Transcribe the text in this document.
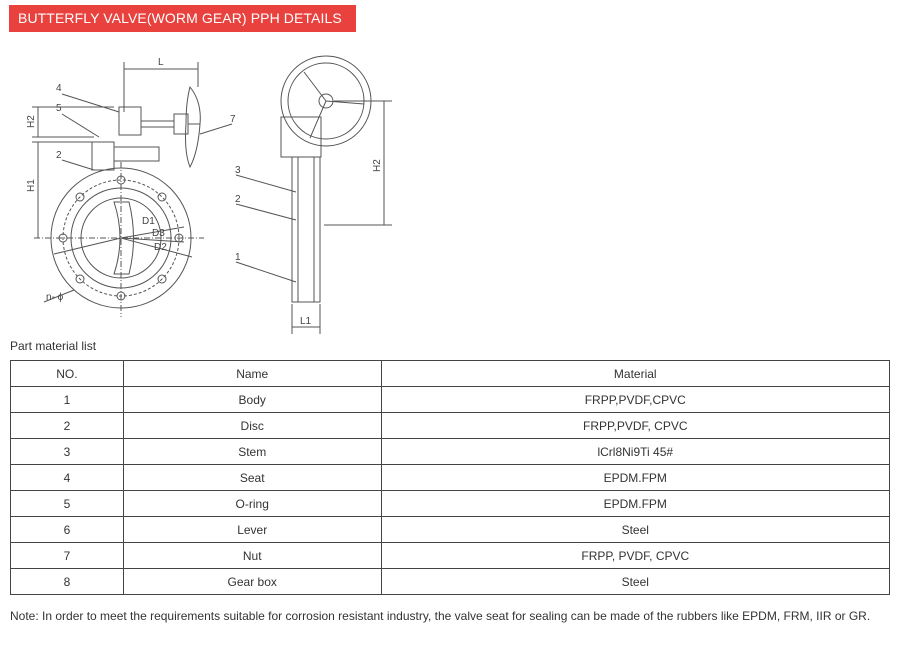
BUTTERFLY VALVE(WORM GEAR) PPH DETAILS
L
H2
H1
D1
D3
D2
n- ϕ
4
5
2
7
3
2
1
H2
L1
Part material list
NO.	Name	Material
1	Body	FRPP,PVDF,CPVC
2	Disc	FRPP,PVDF, CPVC
3	Stem	lCrl8Ni9Ti 45#
4	Seat	EPDM.FPM
5	O-ring	EPDM.FPM
6	Lever	Steel
7	Nut	FRPP, PVDF, CPVC
8	Gear box	Steel
Note: In order to meet the requirements suitable for corrosion resistant industry, the valve seat for sealing can be made of the rubbers like EPDM, FRM, IIR or GR.
